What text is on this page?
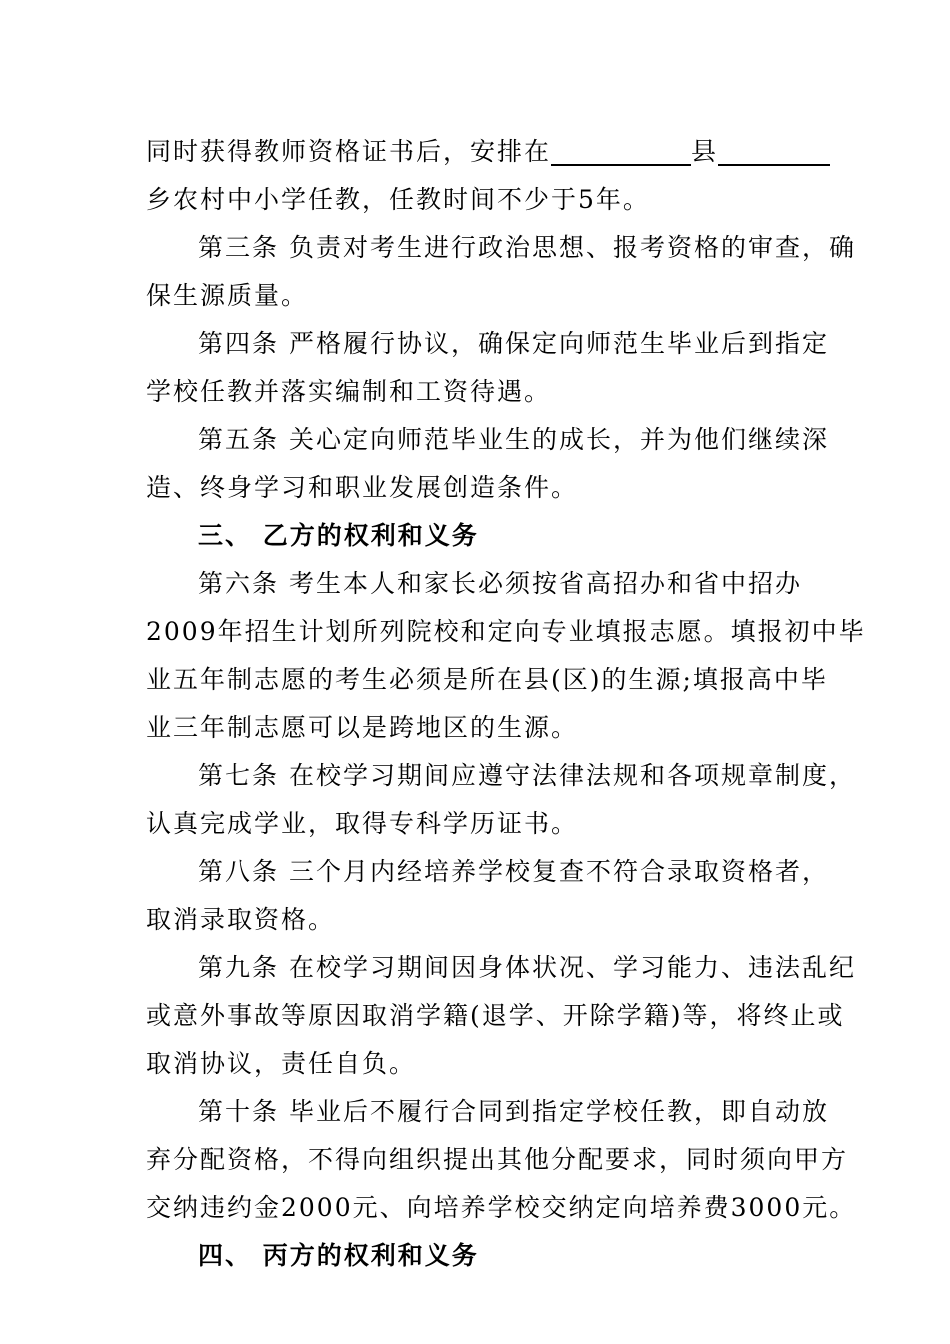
同时获得教师资格证书后，安排在	县
乡农村中小学任教，任教时间不少于5年。
第三条 负责对考生进行政治思想、报考资格的审查，确
保生源质量。
第四条 严格履行协议，确保定向师范生毕业后到指定
学校任教并落实编制和工资待遇。
第五条 关心定向师范毕业生的成长，并为他们继续深
造、终身学习和职业发展创造条件。
三、 乙方的权利和义务
第六条 考生本人和家长必须按省高招办和省中招办
2009年招生计划所列院校和定向专业填报志愿。填报初中毕
业五年制志愿的考生必须是所在县(区)的生源;填报高中毕
业三年制志愿可以是跨地区的生源。
第七条 在校学习期间应遵守法律法规和各项规章制度，
认真完成学业，取得专科学历证书。
第八条 三个月内经培养学校复查不符合录取资格者，
取消录取资格。
第九条 在校学习期间因身体状况、学习能力、违法乱纪
或意外事故等原因取消学籍(退学、开除学籍)等，将终止或
取消协议，责任自负。
第十条 毕业后不履行合同到指定学校任教，即自动放
弃分配资格，不得向组织提出其他分配要求，同时须向甲方
交纳违约金2000元、向培养学校交纳定向培养费3000元。
四、 丙方的权利和义务
